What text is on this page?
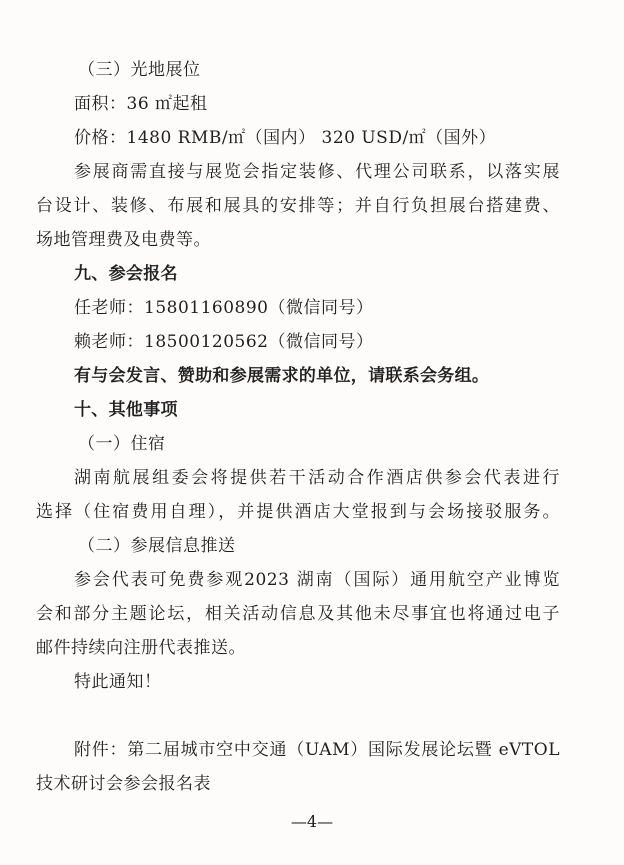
（三）光地展位
面积：36 ㎡起租
价格：1480 RMB/㎡（国内） 320 USD/㎡（国外）
参展商需直接与展览会指定装修、代理公司联系，以落实展
台设计、装修、布展和展具的安排等；并自行负担展台搭建费、
场地管理费及电费等。
九、参会报名
任老师：15801160890（微信同号）
赖老师：18500120562（微信同号）
有与会发言、赞助和参展需求的单位，请联系会务组。
十、其他事项
（一）住宿
湖南航展组委会将提供若干活动合作酒店供参会代表进行
选择（住宿费用自理），并提供酒店大堂报到与会场接驳服务。
（二）参展信息推送
参会代表可免费参观2023 湖南（国际）通用航空产业博览
会和部分主题论坛，相关活动信息及其他未尽事宜也将通过电子
邮件持续向注册代表推送。
特此通知！
附件：第二届城市空中交通（UAM）国际发展论坛暨 eVTOL
技术研讨会参会报名表
—4—
